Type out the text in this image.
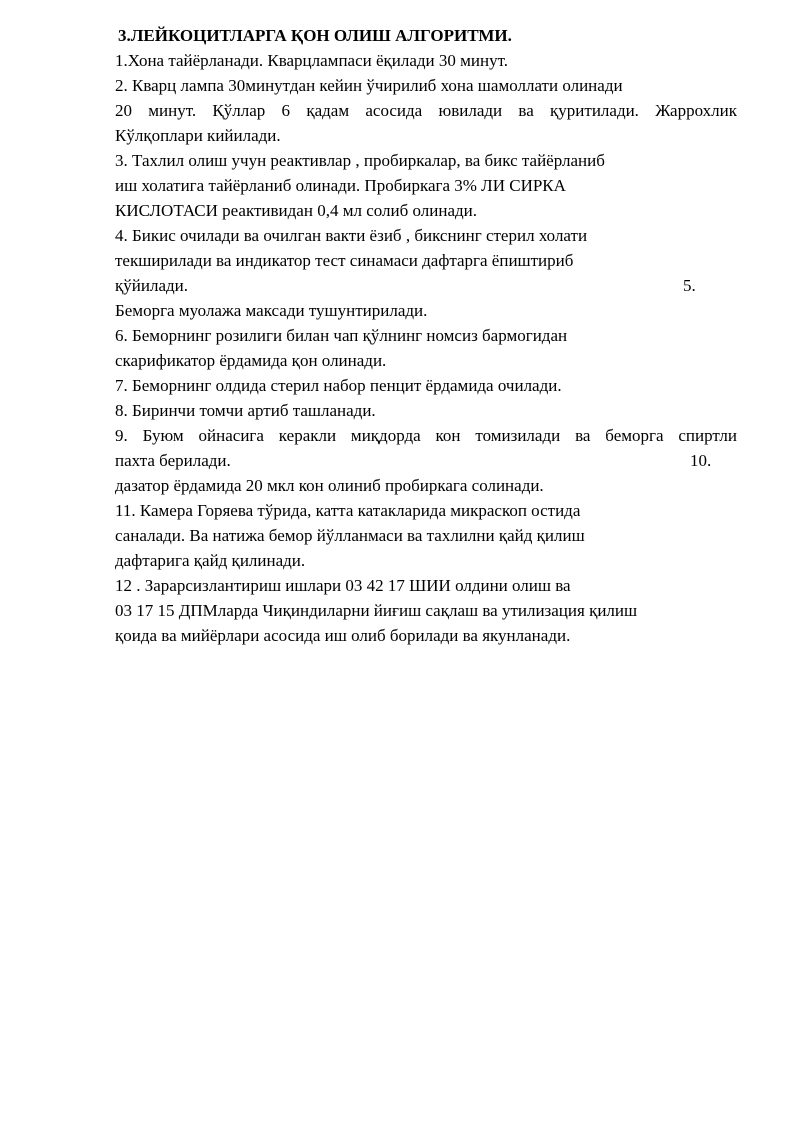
3.ЛЕЙКОЦИТЛАРГА ҚОН ОЛИШ АЛГОРИТМИ.
1.Хона тайёрланади. Кварцлампаси ёқилади 30 минут.
2. Кварц лампа 30минутдан кейин ўчирилиб хона шамоллати олинади
20 минут. Қўллар 6 қадам асосида ювилади ва қуритилади. Жаррохлик
Кўлқоплари кийилади.
3. Тахлил олиш учун реактивлар , пробиркалар, ва бикс тайёрланиб
иш холатига тайёрланиб олинади. Пробиркага 3% ЛИ СИРКА
КИСЛОТАСИ реактивидан 0,4 мл солиб олинади.
4. Бикис очилади ва очилган вакти ёзиб , бикснинг стерил холати
текширилади ва индикатор тест синамаси дафтарга ёпиштириб
қўйилади.	5.
Беморга муолажа максади тушунтирилади.
6. Беморнинг розилиги билан чап қўлнинг номсиз бармогидан
скарификатор ёрдамида қон олинади.
7. Беморнинг олдида стерил набор пенцит ёрдамида очилади.
8. Биринчи томчи артиб ташланади.
9. Буюм ойнасига керакли миқдорда кон томизилади ва беморга спиртли
пахта берилади.	10.
дазатор ёрдамида 20 мкл кон олиниб пробиркага солинади.
11. Камера Горяева тўрида, катта катакларида микраскоп остида
саналади. Ва натижа бемор йўлланмаси ва тахлилни қайд қилиш
дафтарига қайд қилинади.
12 . Зарарсизлантириш ишлари 03 42 17 ШИИ олдини олиш ва
03 17 15 ДПМларда Чиқиндиларни йиғиш сақлаш ва утилизация қилиш
қоида ва мийёрлари асосида иш олиб борилади ва якунланади.
